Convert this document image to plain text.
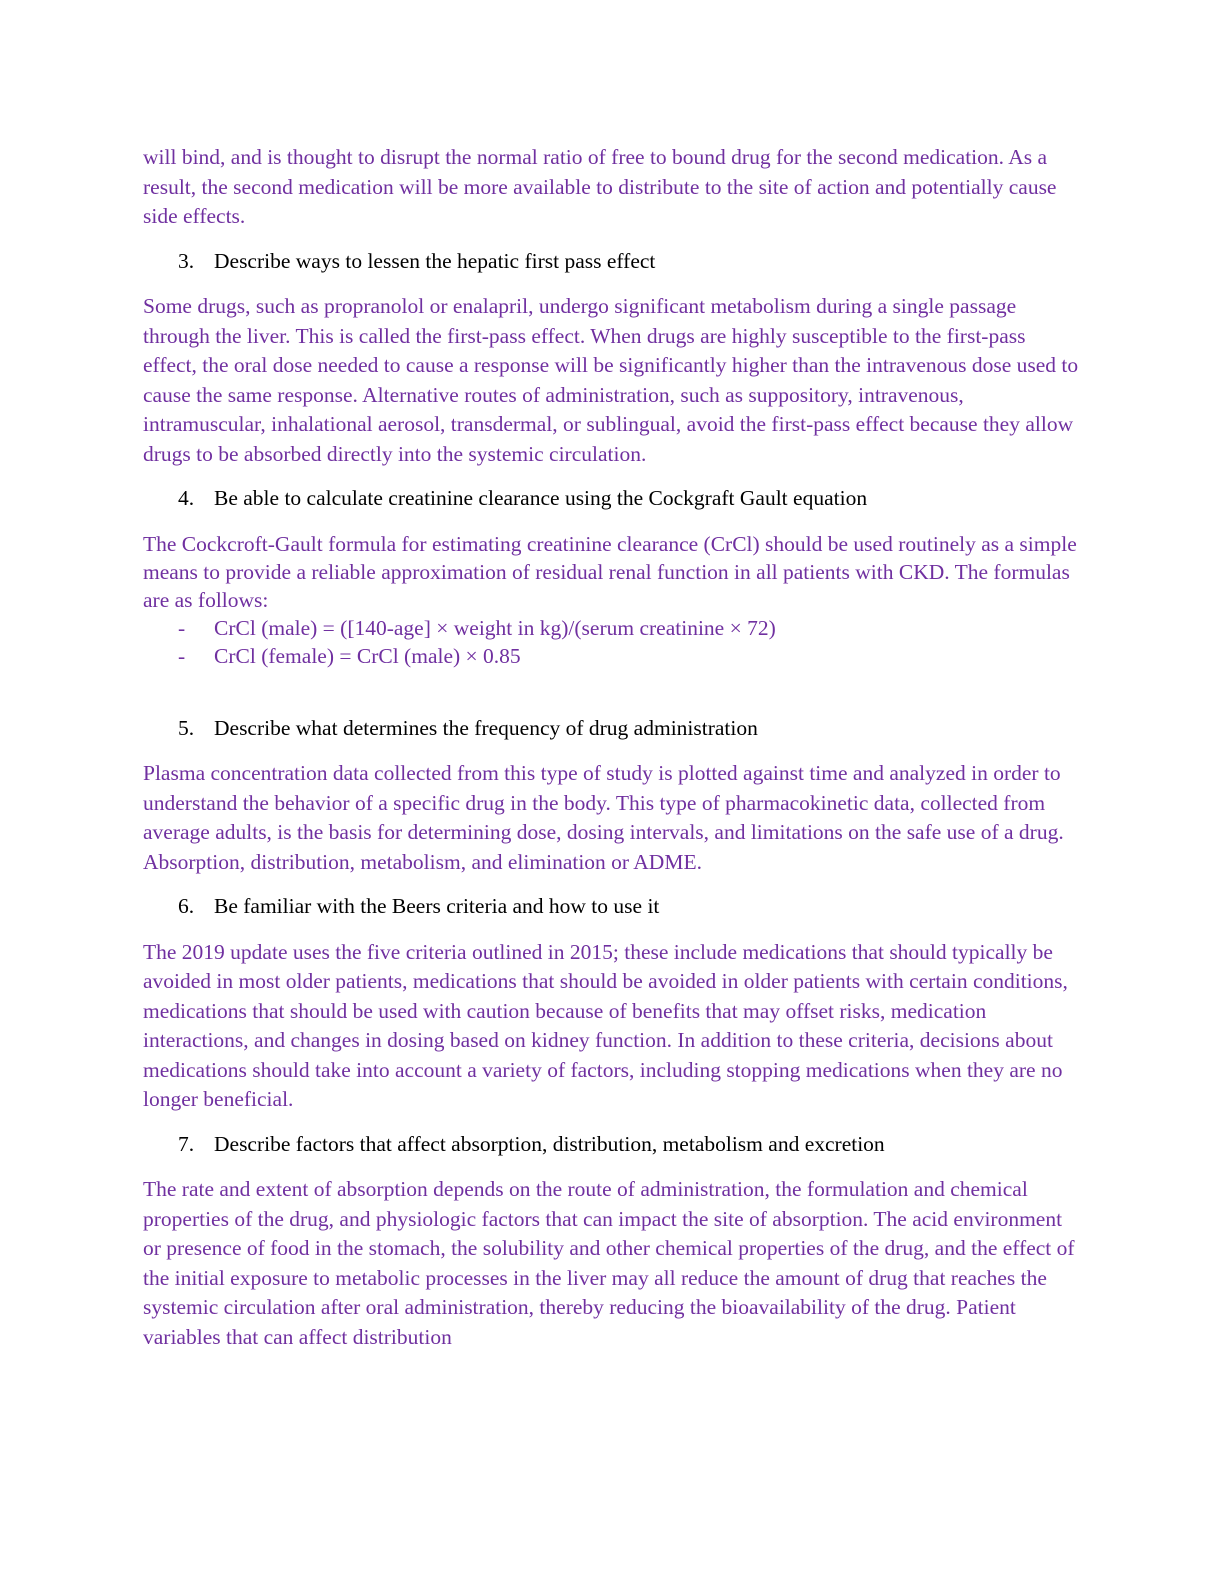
will bind, and is thought to disrupt the normal ratio of free to bound drug for the second medication. As a result, the second medication will be more available to distribute to the site of action and potentially cause side effects.

3. Describe ways to lessen the hepatic first pass effect

Some drugs, such as propranolol or enalapril, undergo significant metabolism during a single passage through the liver. This is called the first-pass effect. When drugs are highly susceptible to the first-pass effect, the oral dose needed to cause a response will be significantly higher than the intravenous dose used to cause the same response. Alternative routes of administration, such as suppository, intravenous, intramuscular, inhalational aerosol, transdermal, or sublingual, avoid the first-pass effect because they allow drugs to be absorbed directly into the systemic circulation.

4. Be able to calculate creatinine clearance using the Cockgraft Gault equation

The Cockcroft-Gault formula for estimating creatinine clearance (CrCl) should be used routinely as a simple means to provide a reliable approximation of residual renal function in all patients with CKD. The formulas are as follows:

-	CrCl (male) = ([140-age] × weight in kg)/(serum creatinine × 72)
-	CrCl (female) = CrCl (male) × 0.85
5. Describe what determines the frequency of drug administration

Plasma concentration data collected from this type of study is plotted against time and analyzed in order to understand the behavior of a specific drug in the body. This type of pharmacokinetic data, collected from average adults, is the basis for determining dose, dosing intervals, and limitations on the safe use of a drug. Absorption, distribution, metabolism, and elimination or ADME.

6. Be familiar with the Beers criteria and how to use it

The 2019 update uses the five criteria outlined in 2015; these include medications that should typically be avoided in most older patients, medications that should be avoided in older patients with certain conditions, medications that should be used with caution because of benefits that may offset risks, medication interactions, and changes in dosing based on kidney function. In addition to these criteria, decisions about medications should take into account a variety of factors, including stopping medications when they are no longer beneficial.

7. Describe factors that affect absorption, distribution, metabolism and excretion

The rate and extent of absorption depends on the route of administration, the formulation and chemical properties of the drug, and physiologic factors that can impact the site of absorption. The acid environment or presence of food in the stomach, the solubility and other chemical properties of the drug, and the effect of the initial exposure to metabolic processes in the liver may all reduce the amount of drug that reaches the systemic circulation after oral administration, thereby reducing the bioavailability of the drug. Patient variables that can affect distribution
